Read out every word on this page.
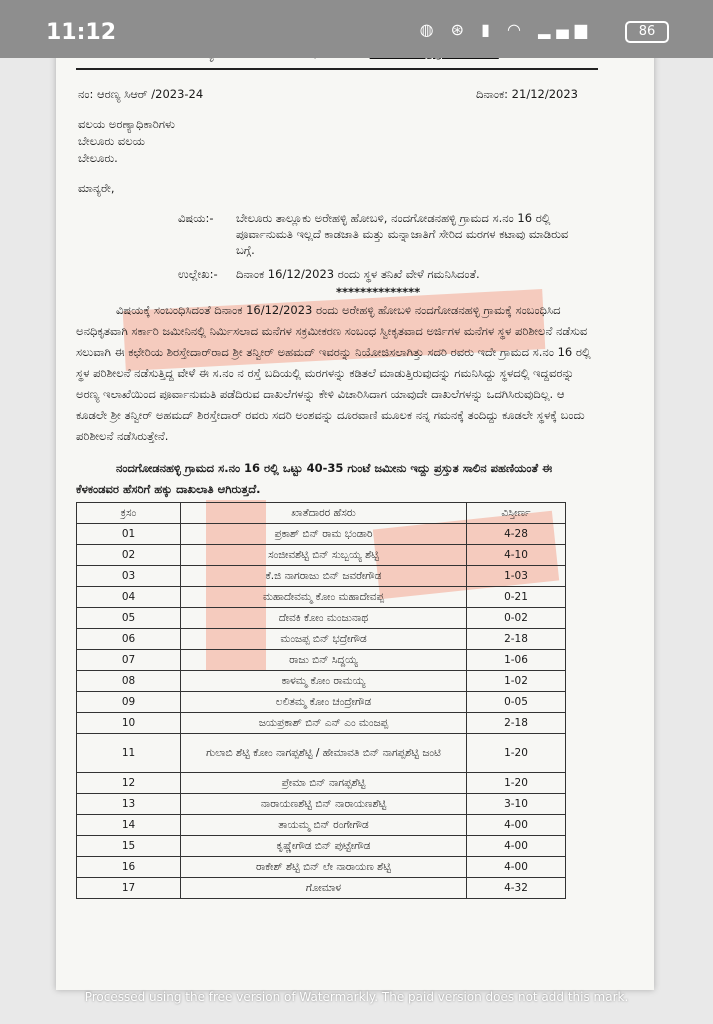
11:12	◍ ⊛ ▮ ◠ ▂▄▆	86
ನಂ: ಆರಣ್ಯ ಸಿಆರ್ /2023-24	ದಿನಾಂಕ: 21/12/2023
ವಲಯ ಅರಣ್ಯಾಧಿಕಾರಿಗಳು
ಬೇಲೂರು ವಲಯ
ಬೇಲೂರು.
ಮಾನ್ಯರೇ,
ವಿಷಯ:- ಬೇಲೂರು ತಾಲ್ಲೂಕು ಅರೇಹಳ್ಳಿ ಹೋಬಳಿ, ನಂದಗೋಡನಹಳ್ಳಿ ಗ್ರಾಮದ ಸ.ನಂ 16 ರಲ್ಲಿ ಪೂರ್ವಾನುಮತಿ ಇಲ್ಲದೆ ಕಾಡಜಾತಿ ಮತ್ತು ಮನ್ನಾಜಾತಿಗೆ ಸೇರಿದ ಮರಗಳ ಕಟಾವು ಮಾಡಿರುವ ಬಗ್ಗೆ.
ಉಲ್ಲೇಖ:- ದಿನಾಂಕ 16/12/2023 ರಂದು ಸ್ಥಳ ತನಿಖೆ ವೇಳೆ ಗಮನಿಸಿದಂತೆ.
**************
ವಿಷಯಕ್ಕೆ ಸಂಬಂಧಿಸಿದಂತೆ ದಿನಾಂಕ 16/12/2023 ರಂದು ಅರೇಹಳ್ಳಿ ಹೋಬಳಿ ನಂದಗೋಡನಹಳ್ಳಿ ಗ್ರಾಮಕ್ಕೆ ಸಂಬಂಧಿಸಿದ ಅನಧಿಕೃತವಾಗಿ ಸರ್ಕಾರಿ ಜಮೀನಿನಲ್ಲಿ ನಿರ್ಮಿಸಲಾದ ಮನೆಗಳ ಸಕ್ರಮೀಕರಣ ಸಂಬಂಧ ಸ್ವೀಕೃತವಾದ ಅರ್ಜಿಗಳ ಮನೆಗಳ ಸ್ಥಳ ಪರಿಶೀಲನೆ ನಡೆಸುವ ಸಲುವಾಗಿ ಈ ಕಛೇರಿಯ ಶಿರಸ್ತೇದಾರ್‌ರಾದ ಶ್ರೀ ತನ್ವೀರ್ ಅಹಮದ್ ಇವರನ್ನು ನಿಯೋಜಿಸಲಾಗಿತ್ತು ಸದರಿ ರವರು ಇದೇ ಗ್ರಾಮದ ಸ.ನಂ 16 ರಲ್ಲಿ ಸ್ಥಳ ಪರಿಶೀಲನೆ ನಡೆಸುತ್ತಿದ್ದ ವೇಳೆ ಈ ಸ.ನಂ ನ ರಸ್ತೆ ಬದಿಯಲ್ಲಿ ಮರಗಳನ್ನು ಕಡಿತಲೆ ಮಾಡುತ್ತಿರುವುದನ್ನು ಗಮನಿಸಿದ್ದು ಸ್ಥಳದಲ್ಲಿ ಇದ್ದವರನ್ನು ಅರಣ್ಯ ಇಲಾಖೆಯಿಂದ ಪೂರ್ವಾನುಮತಿ ಪಡೆದಿರುವ ದಾಖಲೆಗಳನ್ನು ಕೇಳಿ ವಿಚಾರಿಸಿದಾಗ ಯಾವುದೇ ದಾಖಲೆಗಳನ್ನು ಒದಗಿಸಿರುವುದಿಲ್ಲ. ಆ ಕೂಡಲೇ ಶ್ರೀ ತನ್ವೀರ್ ಅಹಮದ್ ಶಿರಸ್ತೇದಾರ್ ರವರು ಸದರಿ ಅಂಶವನ್ನು ದೂರವಾಣಿ ಮೂಲಕ ನನ್ನ ಗಮನಕ್ಕೆ ತಂದಿದ್ದು ಕೂಡಲೇ ಸ್ಥಳಕ್ಕೆ ಬಂದು ಪರಿಶೀಲನೆ ನಡೆಸಿರುತ್ತೇನೆ.
ನಂದಗೋಡನಹಳ್ಳಿ ಗ್ರಾಮದ ಸ.ನಂ 16 ರಲ್ಲಿ ಒಟ್ಟು 40-35 ಗುಂಟೆ ಜಮೀನು ಇದ್ದು ಪ್ರಸ್ತುತ ಸಾಲಿನ ಪಹಣಿಯಂತೆ ಈ ಕೆಳಕಂಡವರ ಹೆಸರಿಗೆ ಹಕ್ಕು ದಾಖಲಾತಿ ಆಗಿರುತ್ತದೆ.
ಕ್ರಸಂ	ಖಾತೆದಾರರ ಹೆಸರು	ವಿಸ್ತೀರ್ಣ
01	ಪ್ರಕಾಶ್ ಬಿನ್ ರಾಮ ಭಂಡಾರಿ	4-28
02	ಸಂಜೀವಶೆಟ್ಟಿ ಬಿನ್ ಸುಬ್ಬಯ್ಯ ಶೆಟ್ಟಿ	4-10
03	ಕೆ.ಜಿ ನಾಗರಾಜು ಬಿನ್ ಜವರೇಗೌಡ	1-03
04	ಮಹಾದೇವಮ್ಮ ಕೋಂ ಮಹಾದೇವಪ್ಪ	0-21
05	ದೇವಕಿ ಕೋಂ ಮಂಜುನಾಥ	0-02
06	ಮಂಜಪ್ಪ ಬಿನ್ ಭದ್ರೇಗೌಡ	2-18
07	ರಾಜು ಬಿನ್ ಸಿದ್ದಯ್ಯ	1-06
08	ಕಾಳಮ್ಮ ಕೋಂ ರಾಮಯ್ಯ	1-02
09	ಲಲಿತಮ್ಮ ಕೋಂ ಚಂದ್ರೇಗೌಡ	0-05
10	ಜಯಪ್ರಕಾಶ್ ಬಿನ್ ಎನ್ ಎಂ ಮಂಜಪ್ಪ	2-18
11	ಗುಲಾಬಿ ಶೆಟ್ಟಿ ಕೋಂ ನಾಗಪ್ಪಶೆಟ್ಟಿ / ಹೇಮಾವತಿ ಬಿನ್ ನಾಗಪ್ಪಶೆಟ್ಟಿ ಜಂಟಿ	1-20
12	ಪ್ರೇಮಾ ಬಿನ್ ನಾಗಪ್ಪಶೆಟ್ಟಿ	1-20
13	ನಾರಾಯಣಶೆಟ್ಟಿ ಬಿನ್ ನಾರಾಯಣಶೆಟ್ಟಿ	3-10
14	ತಾಯಮ್ಮ ಬಿನ್ ರಂಗೇಗೌಡ	4-00
15	ಕೃಷ್ಣೇಗೌಡ ಬಿನ್ ಪುಟ್ಟೇಗೌಡ	4-00
16	ರಾಕೇಶ್ ಶೆಟ್ಟಿ ಬಿನ್ ಲೇ ನಾರಾಯಣ ಶೆಟ್ಟಿ	4-00
17	ಗೋಮಾಳ	4-32
Processed using the free version of Watermarkly. The paid version does not add this mark.
